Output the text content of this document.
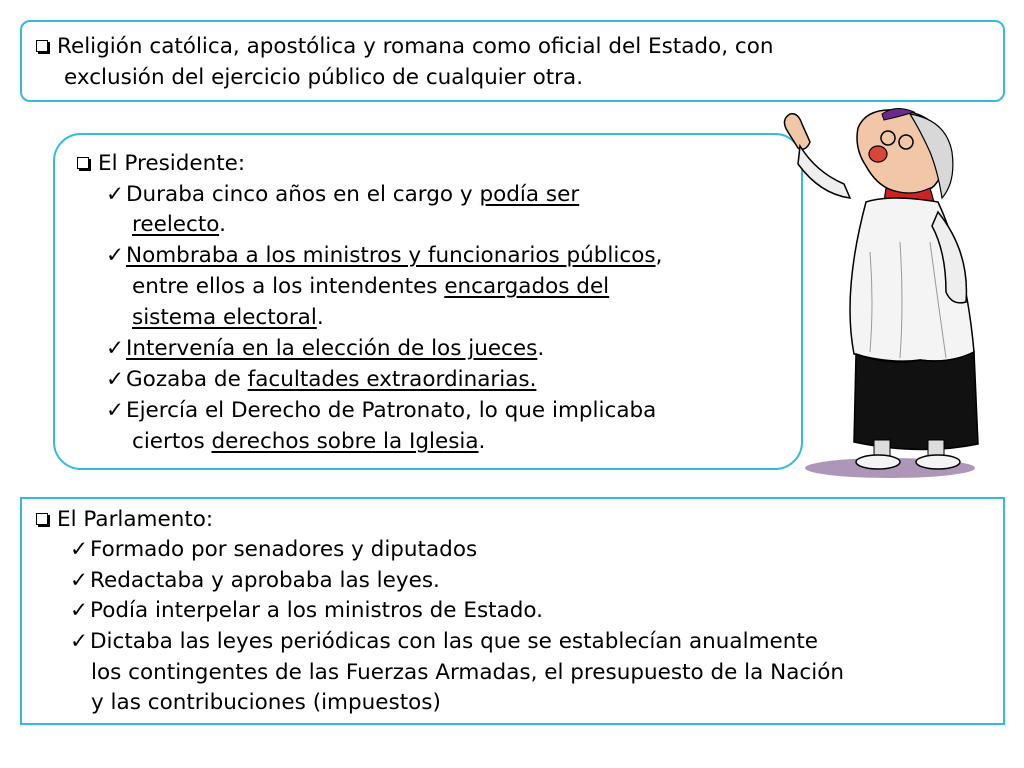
Religión católica, apostólica y romana como oficial del Estado, con
exclusión del ejercicio público de cualquier otra.
El Presidente:
✓Duraba cinco años en el cargo y podía ser
reelecto.
✓Nombraba a los ministros y funcionarios públicos,
entre ellos a los intendentes encargados del
sistema electoral.
✓Intervenía en la elección de los jueces.
✓Gozaba de facultades extraordinarias.
✓Ejercía el Derecho de Patronato, lo que implicaba
ciertos derechos sobre la Iglesia.
El Parlamento:
✓Formado por senadores y diputados
✓Redactaba y aprobaba las leyes.
✓Podía interpelar a los ministros de Estado.
✓Dictaba las leyes periódicas con las que se establecían anualmente
los contingentes de las Fuerzas Armadas, el presupuesto de la Nación
y las contribuciones (impuestos)
